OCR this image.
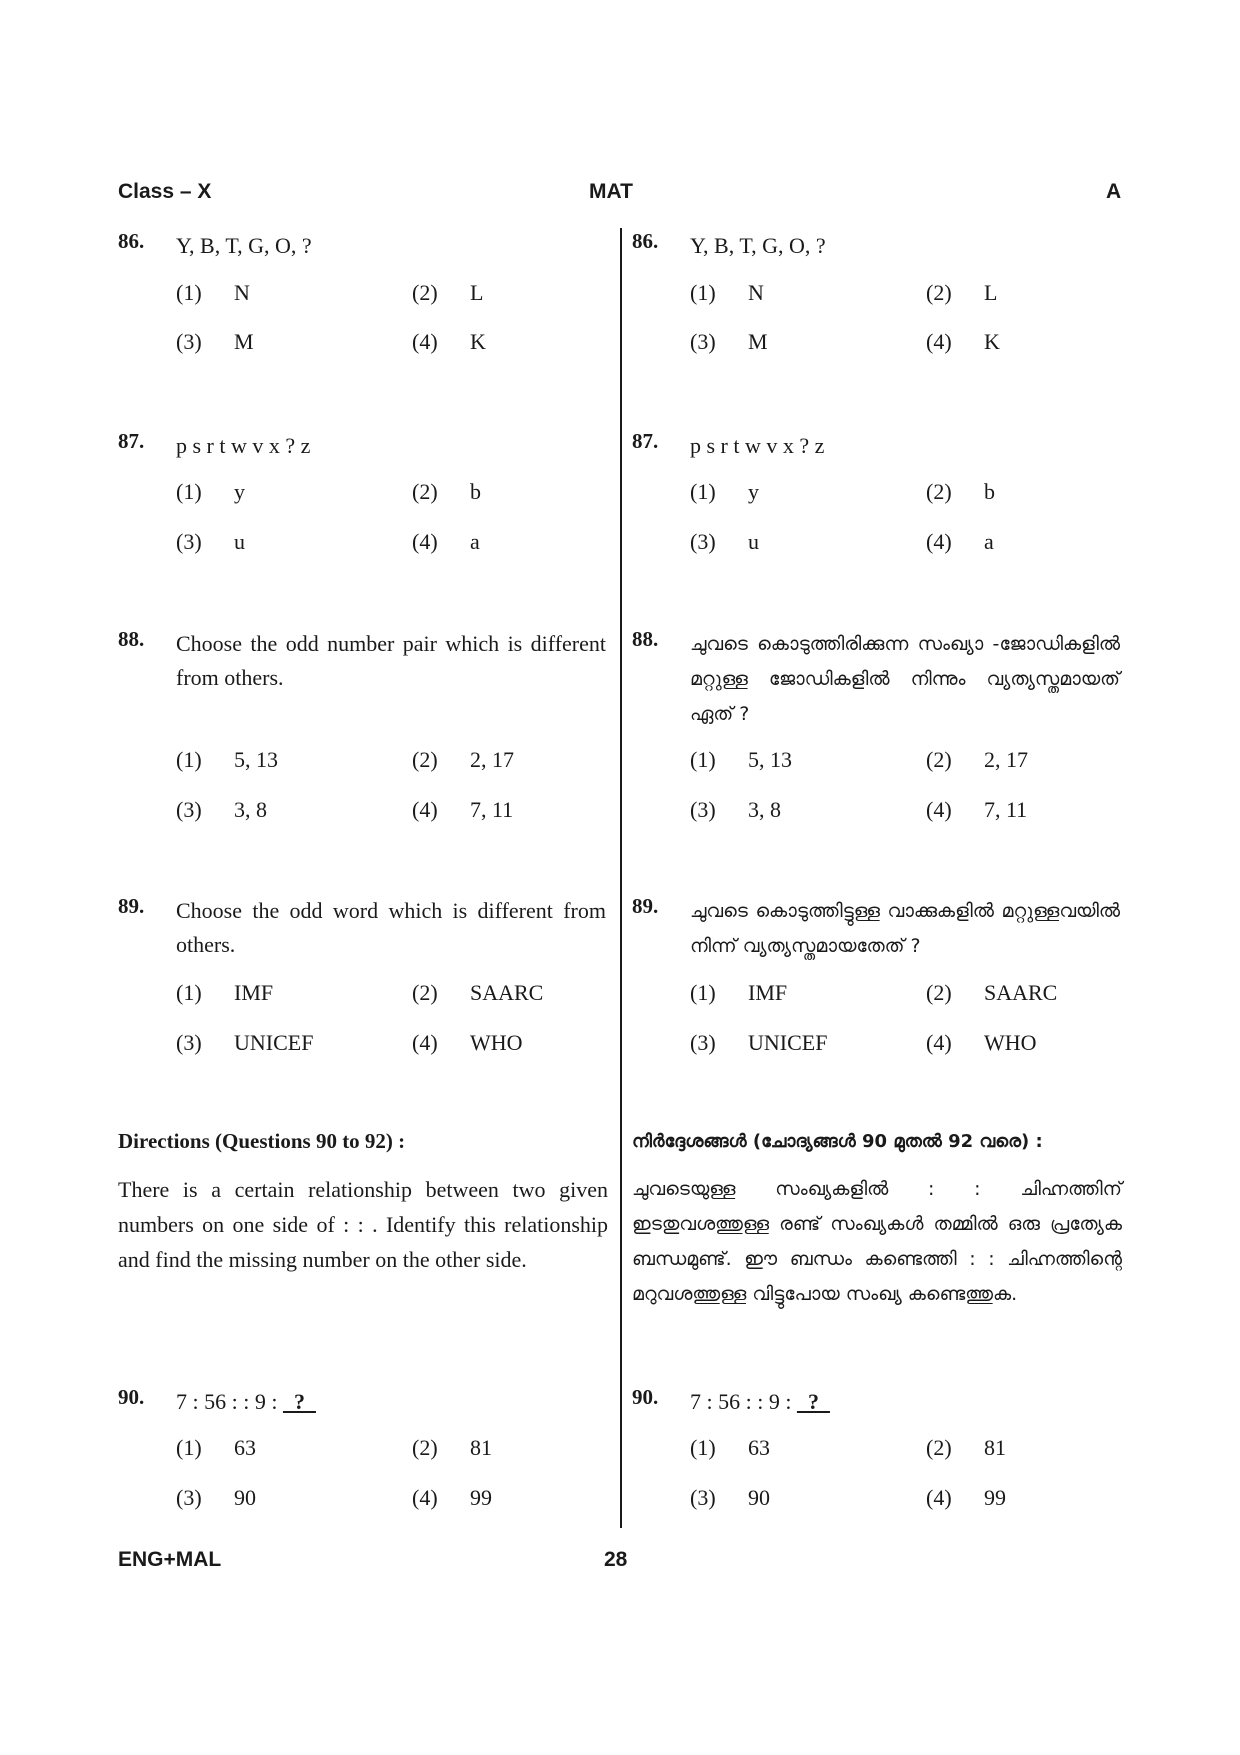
Class – X	MAT	A
86. Y, B, T, G, O, ?
(1) N	(2) L
(3) M	(4) K
87. p s r t w v x ? z
(1) y	(2) b
(3) u	(4) a
88. Choose the odd number pair which is different from others.
(1) 5, 13	(2) 2, 17
(3) 3, 8	(4) 7, 11
89. Choose the odd word which is different from others.
(1) IMF	(2) SAARC
(3) UNICEF	(4) WHO
Directions (Questions 90 to 92) :
There is a certain relationship between two given numbers on one side of : : . Identify this relationship and find the missing number on the other side.
90. 7 : 56 : : 9 :   ?
(1) 63	(2) 81
(3) 90	(4) 99
86. Y, B, T, G, O, ?
(1) N	(2) L
(3) M	(4) K
87. p s r t w v x ? z
(1) y	(2) b
(3) u	(4) a
88. ചുവടെ കൊടുത്തിരിക്കുന്ന സംഖ്യാ -ജോഡികളിൽ മറ്റുള്ള ജോഡികളിൽ നിന്നും വ്യത്യസ്തമായത് ഏത് ?
(1) 5, 13	(2) 2, 17
(3) 3, 8	(4) 7, 11
89. ചുവടെ കൊടുത്തിട്ടുള്ള വാക്കുകളിൽ മറ്റുള്ളവയിൽ നിന്ന് വ്യത്യസ്തമായതേത് ?
(1) IMF	(2) SAARC
(3) UNICEF	(4) WHO
നിർദ്ദേശങ്ങൾ (ചോദ്യങ്ങൾ 90 മുതൽ 92 വരെ) :
ചുവടെയുള്ള സംഖ്യകളിൽ : : ചിഹ്നത്തിന് ഇടതുവശത്തുള്ള രണ്ട് സംഖ്യകൾ തമ്മിൽ ഒരു പ്രത്യേക ബന്ധമുണ്ട്. ഈ ബന്ധം കണ്ടെത്തി : : ചിഹ്നത്തിന്റെ മറുവശത്തുള്ള വിട്ടുപോയ സംഖ്യ കണ്ടെത്തുക.
90. 7 : 56 : : 9 :   ?
(1) 63	(2) 81
(3) 90	(4) 99
ENG+MAL	28
